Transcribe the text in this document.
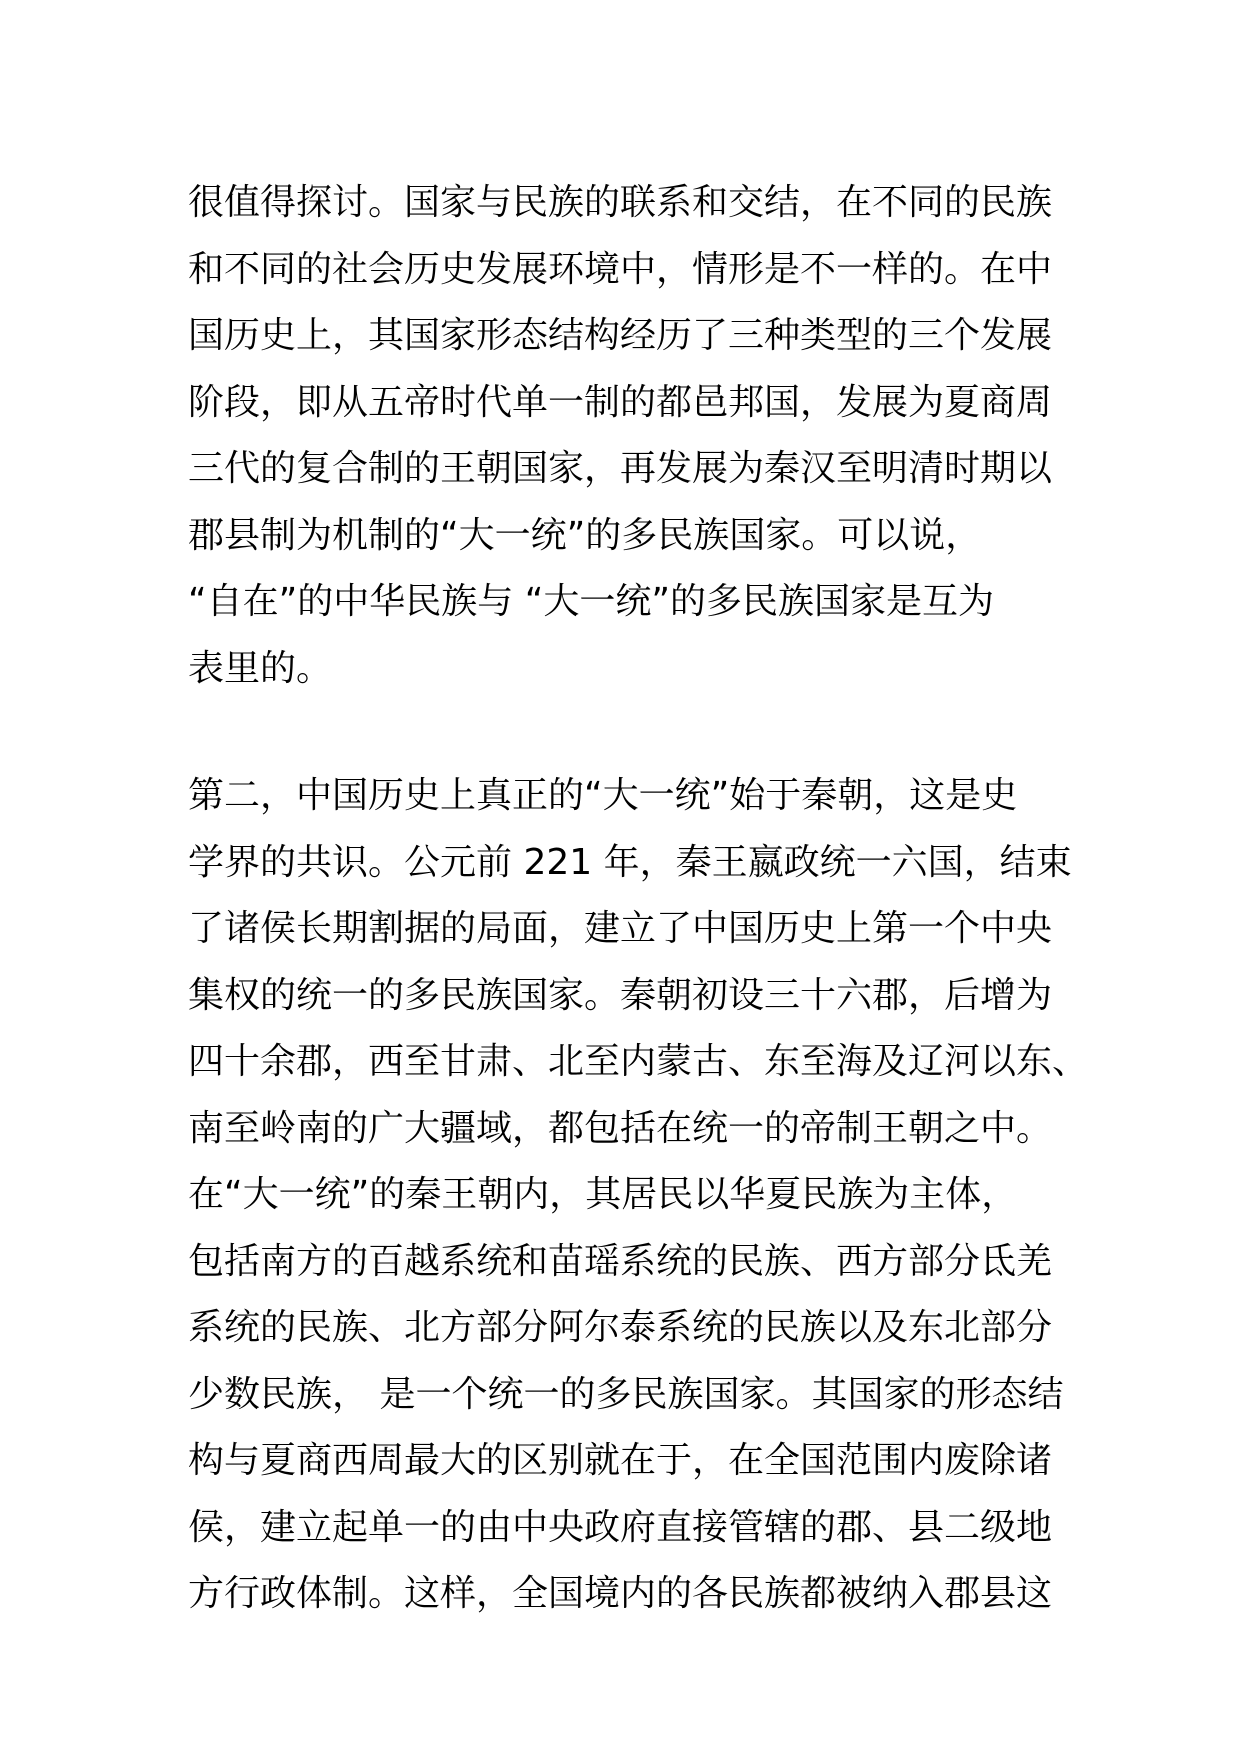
很值得探讨。国家与民族的联系和交结，在不同的民族
和不同的社会历史发展环境中，情形是不一样的。在中
国历史上，其国家形态结构经历了三种类型的三个发展
阶段，即从五帝时代单一制的都邑邦国，发展为夏商周
三代的复合制的王朝国家，再发展为秦汉至明清时期以
郡县制为机制的“大一统”的多民族国家。可以说，
“自在”的中华民族与 “大一统”的多民族国家是互为
表里的。
第二，中国历史上真正的“大一统”始于秦朝，这是史
学界的共识。公元前 221 年，秦王嬴政统一六国，结束
了诸侯长期割据的局面，建立了中国历史上第一个中央
集权的统一的多民族国家。秦朝初设三十六郡，后增为
四十余郡，西至甘肃、北至内蒙古、东至海及辽河以东、
南至岭南的广大疆域，都包括在统一的帝制王朝之中。
在“大一统”的秦王朝内，其居民以华夏民族为主体，
包括南方的百越系统和苗瑶系统的民族、西方部分氐羌
系统的民族、北方部分阿尔泰系统的民族以及东北部分
少数民族， 是一个统一的多民族国家。其国家的形态结
构与夏商西周最大的区别就在于，在全国范围内废除诸
侯，建立起单一的由中央政府直接管辖的郡、县二级地
方行政体制。这样，全国境内的各民族都被纳入郡县这
